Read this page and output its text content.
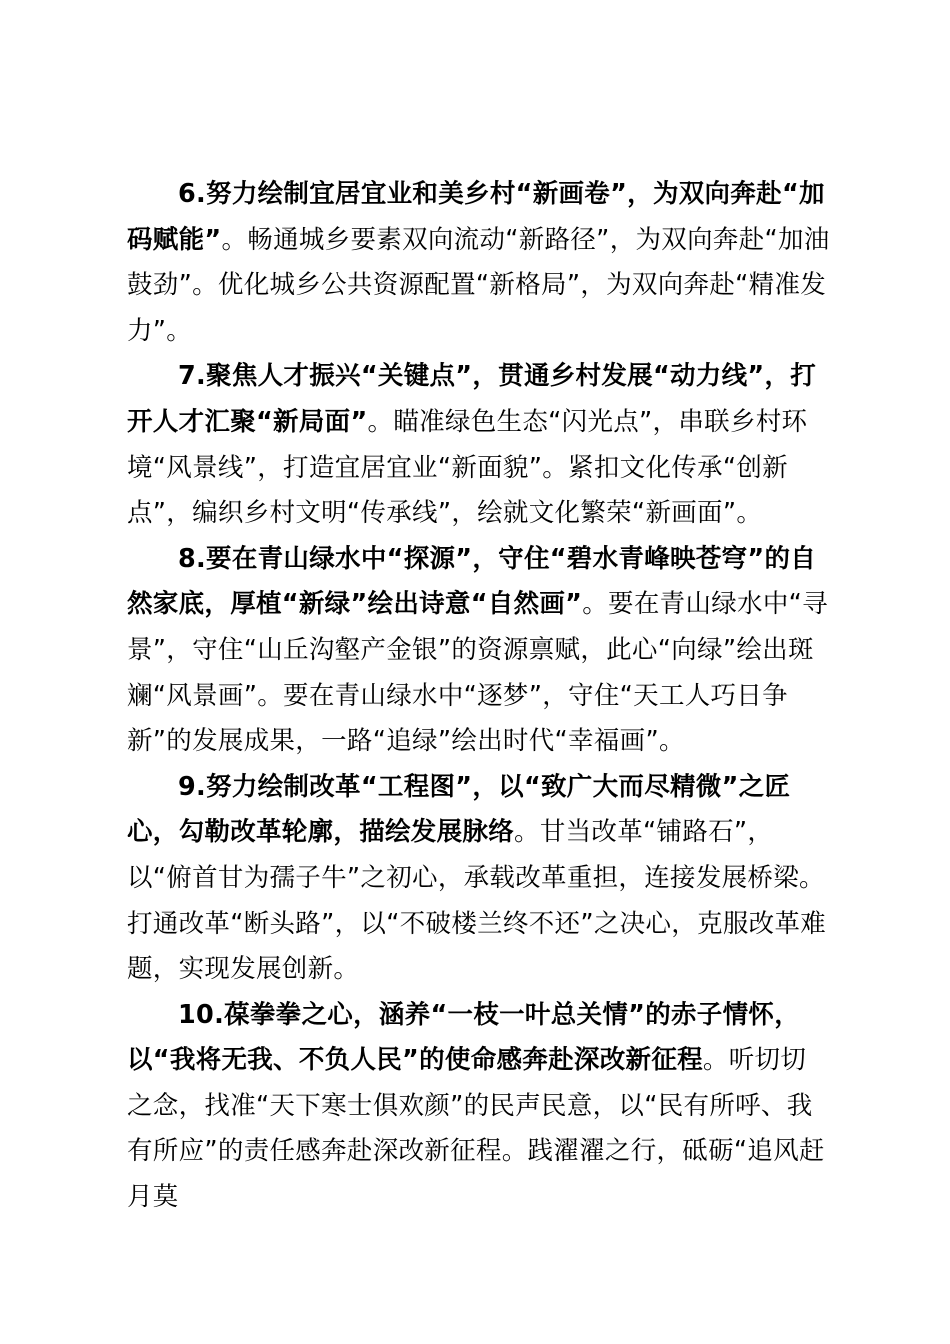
6.努力绘制宜居宜业和美乡村“新画卷”，为双向奔赴“加码赋能”。畅通城乡要素双向流动“新路径”，为双向奔赴“加油鼓劲”。优化城乡公共资源配置“新格局”，为双向奔赴“精准发力”。

7.聚焦人才振兴“关键点”，贯通乡村发展“动力线”，打开人才汇聚“新局面”。瞄准绿色生态“闪光点”，串联乡村环境“风景线”，打造宜居宜业“新面貌”。紧扣文化传承“创新点”，编织乡村文明“传承线”，绘就文化繁荣“新画面”。

8.要在青山绿水中“探源”，守住“碧水青峰映苍穹”的自然家底，厚植“新绿”绘出诗意“自然画”。要在青山绿水中“寻景”，守住“山丘沟壑产金银”的资源禀赋，此心“向绿”绘出斑斓“风景画”。要在青山绿水中“逐梦”，守住“天工人巧日争新”的发展成果，一路“追绿”绘出时代“幸福画”。

9.努力绘制改革“工程图”，以“致广大而尽精微”之匠心，勾勒改革轮廓，描绘发展脉络。甘当改革“铺路石”，以“俯首甘为孺子牛”之初心，承载改革重担，连接发展桥梁。打通改革“断头路”，以“不破楼兰终不还”之决心，克服改革难题，实现发展创新。

10.葆拳拳之心，涵养“一枝一叶总关情”的赤子情怀，以“我将无我、不负人民”的使命感奔赴深改新征程。听切切之念，找准“天下寒士俱欢颜”的民声民意，以“民有所呼、我有所应”的责任感奔赴深改新征程。践濯濯之行，砥砺“追风赶月莫
